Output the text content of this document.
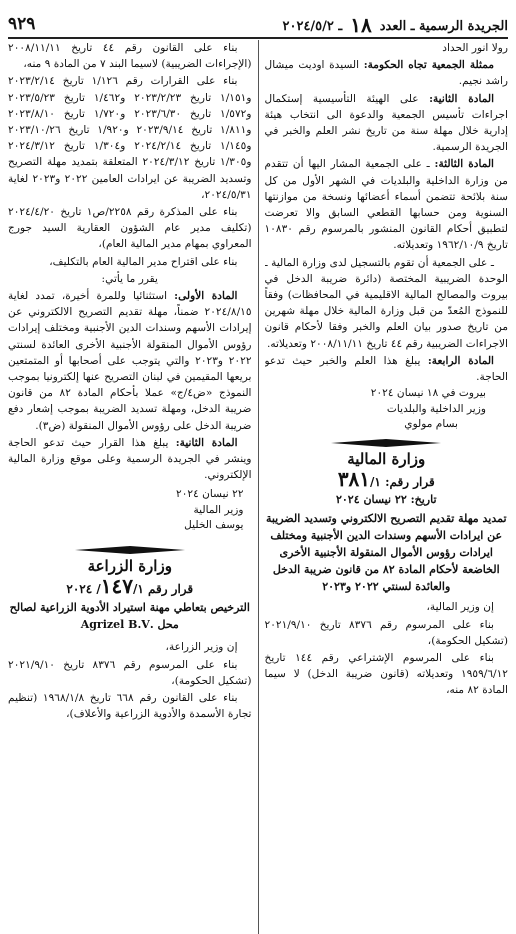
الجريدة الرسمية ـ العدد
١٨
ـ ٢٠٢٤/٥/٢
٩٢٩

رولا انور الحداد

ممثلة الجمعية تجاه الحكومة: السيدة اوديت ميشال راشد نجيم.

المادة الثانية: على الهيئة التأسيسية إستكمال اجراءات تأسيس الجمعية والدعوة الى انتخاب هيئة إدارية خلال مهلة سنة من تاريخ نشر العلم والخبر في الجريدة الرسمية.

المادة الثالثة: ـ على الجمعية المشار اليها أن تتقدم من وزارة الداخلية والبلديات في الشهر الأول من كل سنة بلائحة تتضمن أسماء أعضائها ونسخة من موازنتها السنوية ومن حسابها القطعي السابق والا تعرضت لتطبيق أحكام القانون المنشور بالمرسوم رقم ١٠٨٣٠ تاريخ ١٩٦٢/١٠/٩ وتعديلاته.

ـ على الجمعية أن تقوم بالتسجيل لدى وزارة المالية ـ الوحدة الضريبية المختصة (دائرة ضريبة الدخل في بيروت والمصالح المالية الاقليمية في المحافظات) وفقاً للنموذج المُعدّ من قبل وزارة المالية خلال مهلة شهرين من تاريخ صدور بيان العلم والخبر وفقا لأحكام قانون الاجراءات الضريبية رقم ٤٤ تاريخ ٢٠٠٨/١١/١١ وتعديلاته.

المادة الرابعة: يبلغ هذا العلم والخبر حيث تدعو الحاجة.

بيروت في ١٨ نيسان ٢٠٢٤
وزير الداخلية والبلديات
بسام مولوي
وزارة المالية
قرار رقم: ٣٨١/١
تاريخ: ٢٢ نيسان ٢٠٢٤

تمديد مهلة تقديم التصريح الالكتروني وتسديد الضريبة عن ايرادات الأسهم وسندات الدين الأجنبية ومختلف ايرادات رؤوس الأموال المنقولة الأجنبية الأخرى الخاضعة لأحكام المادة ٨٢ من قانون ضريبة الدخل والعائدة لسنتي ٢٠٢٢ و٢٠٢٣

إن وزير المالية،

بناء على المرسوم رقم ٨٣٧٦ تاريخ ٢٠٢١/٩/١٠ (تشكيل الحكومة)،

بناء على المرسوم الإشتراعي رقم ١٤٤ تاريخ ١٩٥٩/٦/١٢ وتعديلاته (قانون ضريبة الدخل) لا سيما المادة ٨٢ منه،

بناء على القانون رقم ٤٤ تاريخ ٢٠٠٨/١١/١١ (الإجراءات الضريبية) لاسيما البند ٧ من المادة ٩ منه،

بناء على القرارات رقم ١/١٢٦ تاريخ ٢٠٢٣/٢/١٤ و١/١٥١ تاريخ ٢٠٢٣/٢/٢٣ و١/٤٦٢ تاريخ ٢٠٢٣/٥/٢٣ و١/٥٧٢ تاريخ ٢٠٢٣/٦/٣٠ و١/٧٢٠ تاريخ ٢٠٢٣/٨/١٠ و١/٨١١ تاريخ ٢٠٢٣/٩/١٤ و١/٩٢٠ تاريخ ٢٠٢٣/١٠/٢٦ و١/١٤٥ تاريخ ٢٠٢٤/٢/١٤ و١/٣٠٤ تاريخ ٢٠٢٤/٣/١٢ و١/٣٠٥ تاريخ ٢٠٢٤/٣/١٢ المتعلقة بتمديد مهلة التصريح وتسديد الضريبة عن ايرادات العامين ٢٠٢٢ و٢٠٢٣ لغاية ٢٠٢٤/٥/٣١،

بناء على المذكرة رقم ٢٢٥٨/ص١ تاريخ ٢٠٢٤/٤/٢٠ (تكليف مدير عام الشؤون العقارية السيد جورج المعراوي بمهام مدير المالية العام)،

بناء على اقتراح مدير المالية العام بالتكليف،

يقرر ما يأتي:

المادة الأولى: استثنائيا وللمرة أخيرة، تمدد لغاية ٢٠٢٤/٨/١٥ ضمناً، مهلة تقديم التصريح الالكتروني عن إيرادات الأسهم وسندات الدين الأجنبية ومختلف إيرادات رؤوس الأموال المنقولة الأجنبية الأخرى العائدة لسنتي ٢٠٢٢ و٢٠٢٣ والتي يتوجب على أصحابها أو المتمتعين بريعها المقيمين في لبنان التصريح عنها إلكترونيا بموجب النموذج «ض٤/ج» عملا بأحكام المادة ٨٢ من قانون ضريبة الدخل، ومهلة تسديد الضريبة بموجب إشعار دفع ضريبة الدخل على رؤوس الأموال المنقولة (ض٣).

المادة الثانية: يبلغ هذا القرار حيث تدعو الحاجة وينشر في الجريدة الرسمية وعلى موقع وزارة المالية الإلكتروني.

٢٢ نيسان ٢٠٢٤
وزير المالية
يوسف الخليل
وزارة الزراعة
قرار رقم ١٤٧/١/ ٢٠٢٤

الترخيص بتعاطي مهنة استيراد الأدوية الزراعية لصالح محل .Agrizel B.V

إن وزير الزراعة،

بناء على المرسوم رقم ٨٣٧٦ تاريخ ٢٠٢١/٩/١٠ (تشكيل الحكومة)،

بناء على القانون رقم ٦٦٨ تاريخ ١٩٦٨/١/٨ (تنظيم تجارة الأسمدة والأدوية الزراعية والأعلاف)،
